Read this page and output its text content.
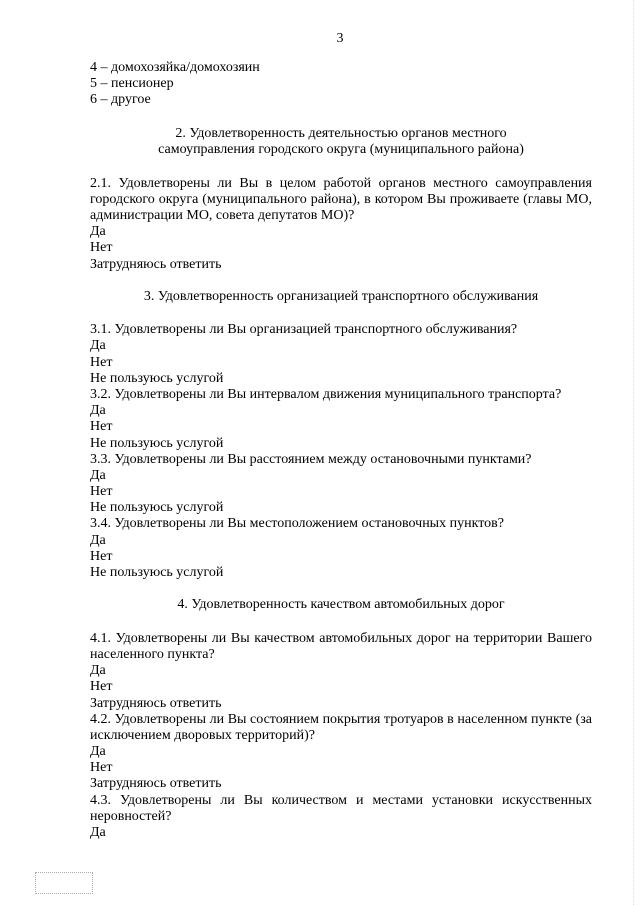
3
4 – домохозяйка/домохозяин
5 – пенсионер
6 – другое
2. Удовлетворенность деятельностью органов местного
самоуправления городского округа (муниципального района)
2.1. Удовлетворены ли Вы в целом работой органов местного самоуправления городского округа (муниципального района), в котором Вы проживаете (главы МО, администрации МО, совета депутатов МО)?
Да
Нет
Затрудняюсь ответить
3. Удовлетворенность организацией транспортного обслуживания
3.1. Удовлетворены ли Вы организацией транспортного обслуживания?
Да
Нет
Не пользуюсь услугой
3.2. Удовлетворены ли Вы интервалом движения муниципального транспорта?
Да
Нет
Не пользуюсь услугой
3.3. Удовлетворены ли Вы расстоянием между остановочными пунктами?
Да
Нет
Не пользуюсь услугой
3.4. Удовлетворены ли Вы местоположением остановочных пунктов?
Да
Нет
Не пользуюсь услугой
4. Удовлетворенность качеством автомобильных дорог
4.1. Удовлетворены ли Вы качеством автомобильных дорог на территории Вашего населенного пункта?
Да
Нет
Затрудняюсь ответить
4.2. Удовлетворены ли Вы состоянием покрытия тротуаров в населенном пункте (за исключением дворовых территорий)?
Да
Нет
Затрудняюсь ответить
4.3. Удовлетворены ли Вы количеством и местами установки искусственных неровностей?
Да
